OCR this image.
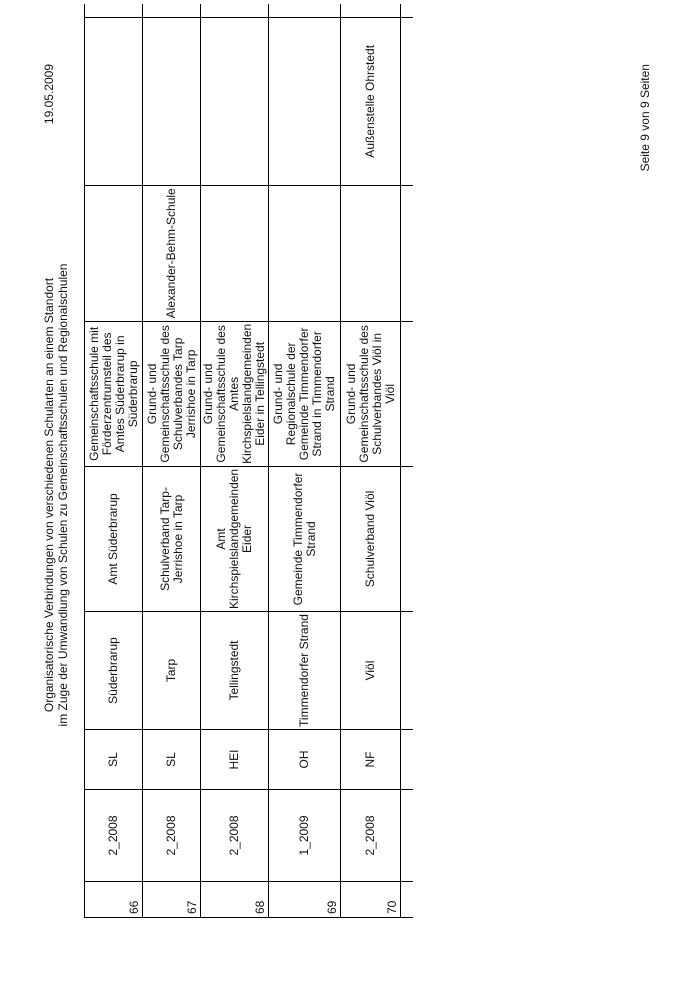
Organisatorische Verbindungen von verschiedenen Schularten an einem Standort im Zuge der Umwandlung von Schulen zu Gemeinschaftsschulen und Regionalschulen
19.05.2009	Seite 9 von 9 Seiten
66	2_2008	SL	Süderbrarup	Amt Süderbrarup	Gemeinschaftsschule mit Förderzentrumsteil des Amtes Süderbrarup in Süderbrarup			
67	2_2008	SL	Tarp	Schulverband Tarp-Jerrishoe in Tarp	Grund- und Gemeinschaftsschule des Schulverbandes Tarp Jerrishoe in Tarp	Alexander-Behm-Schule		
68	2_2008	HEI	Tellingstedt	Amt Kirchspielslandgemeinden Eider	Grund- und Gemeinschaftsschule des Amtes Kirchspielslandgemeinden Eider in Tellingstedt			
69	1_2009	OH	Timmendorfer Strand	Gemeinde Timmendorfer Strand	Grund- und Regionalschule der Gemeinde Timmendorfer Strand in Timmendorfer Strand			
70	2_2008	NF	Viöl	Schulverband Viöl	Grund- und Gemeinschaftsschule des Schulverbandes Viöl in Viöl		Außenstelle Ohrstedt	
